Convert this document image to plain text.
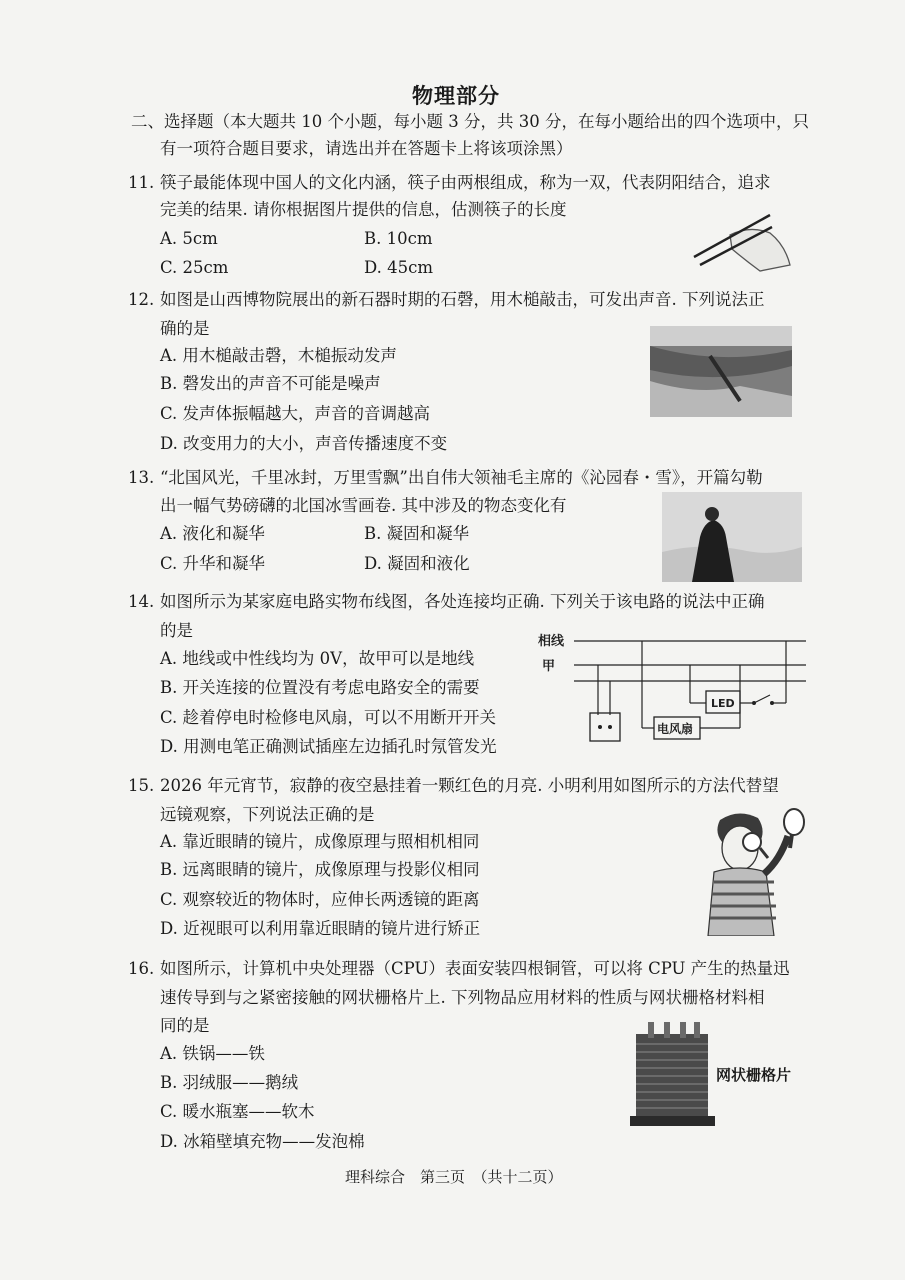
物理部分
二、选择题（本大题共 10 个小题，每小题 3 分，共 30 分，在每小题给出的四个选项中，只
有一项符合题目要求，请选出并在答题卡上将该项涂黑）
11. 筷子最能体现中国人的文化内涵，筷子由两根组成，称为一双，代表阴阳结合，追求
完美的结果. 请你根据图片提供的信息，估测筷子的长度
A. 5cm	B. 10cm
C. 25cm	D. 45cm
12. 如图是山西博物院展出的新石器时期的石磬，用木槌敲击，可发出声音. 下列说法正
确的是
A. 用木槌敲击磬，木槌振动发声
B. 磬发出的声音不可能是噪声
C. 发声体振幅越大，声音的音调越高
D. 改变用力的大小，声音传播速度不变
13. “北国风光，千里冰封，万里雪飘”出自伟大领袖毛主席的《沁园春・雪》，开篇勾勒
出一幅气势磅礴的北国冰雪画卷. 其中涉及的物态变化有
A. 液化和凝华	B. 凝固和凝华
C. 升华和凝华	D. 凝固和液化
14. 如图所示为某家庭电路实物布线图，各处连接均正确. 下列关于该电路的说法中正确
的是
A. 地线或中性线均为 0V，故甲可以是地线
B. 开关连接的位置没有考虑电路安全的需要
C. 趁着停电时检修电风扇，可以不用断开开关
D. 用测电笔正确测试插座左边插孔时氖管发光
相线
甲
电风扇
LED
15. 2026 年元宵节，寂静的夜空悬挂着一颗红色的月亮. 小明利用如图所示的方法代替望
远镜观察，下列说法正确的是
A. 靠近眼睛的镜片，成像原理与照相机相同
B. 远离眼睛的镜片，成像原理与投影仪相同
C. 观察较近的物体时，应伸长两透镜的距离
D. 近视眼可以利用靠近眼睛的镜片进行矫正
16. 如图所示，计算机中央处理器（CPU）表面安装四根铜管，可以将 CPU 产生的热量迅
速传导到与之紧密接触的网状栅格片上. 下列物品应用材料的性质与网状栅格材料相
同的是
A. 铁锅——铁
B. 羽绒服——鹅绒
C. 暖水瓶塞——软木
D. 冰箱壁填充物——发泡棉
网状栅格片
理科综合　第三页　（共十二页）
